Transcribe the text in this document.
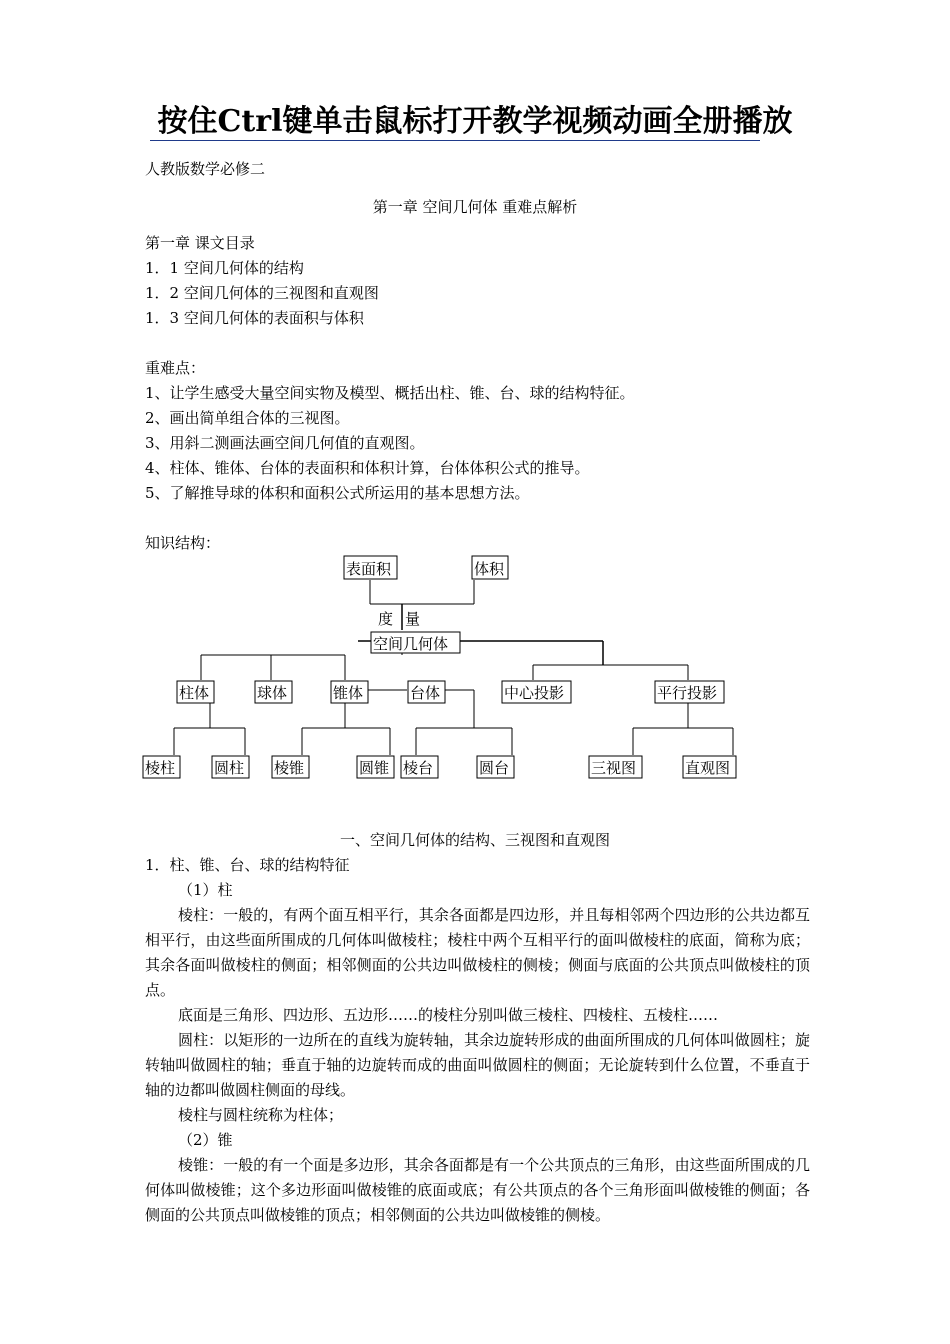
按住Ctrl键单击鼠标打开教学视频动画全册播放
人教版数学必修二
第一章 空间几何体 重难点解析
第一章 课文目录
1．1 空间几何体的结构
1．2 空间几何体的三视图和直观图
1．3 空间几何体的表面积与体积
重难点：
1、让学生感受大量空间实物及模型、概括出柱、锥、台、球的结构特征。
2、画出简单组合体的三视图。
3、用斜二测画法画空间几何值的直观图。
4、柱体、锥体、台体的表面积和体积计算，台体体积公式的推导。
5、了解推导球的体积和面积公式所运用的基本思想方法。
知识结构：
表面积	体积
度 量
空间几何体
柱体	球体	锥体	台体	中心投影	平行投影
棱柱	圆柱 棱锥	圆锥 棱台	圆台	三视图	直观图
一、空间几何体的结构、三视图和直观图
1．柱、锥、台、球的结构特征
（1）柱
棱柱：一般的，有两个面互相平行，其余各面都是四边形，并且每相邻两个四边形的公共边都互相平行，由这些面所围成的几何体叫做棱柱；棱柱中两个互相平行的面叫做棱柱的底面，简称为底；其余各面叫做棱柱的侧面；相邻侧面的公共边叫做棱柱的侧棱；侧面与底面的公共顶点叫做棱柱的顶点。
底面是三角形、四边形、五边形……的棱柱分别叫做三棱柱、四棱柱、五棱柱……
圆柱：以矩形的一边所在的直线为旋转轴，其余边旋转形成的曲面所围成的几何体叫做圆柱；旋转轴叫做圆柱的轴；垂直于轴的边旋转而成的曲面叫做圆柱的侧面；无论旋转到什么位置，不垂直于轴的边都叫做圆柱侧面的母线。
棱柱与圆柱统称为柱体；
（2）锥
棱锥：一般的有一个面是多边形，其余各面都是有一个公共顶点的三角形，由这些面所围成的几何体叫做棱锥；这个多边形面叫做棱锥的底面或底；有公共顶点的各个三角形面叫做棱锥的侧面；各侧面的公共顶点叫做棱锥的顶点；相邻侧面的公共边叫做棱锥的侧棱。
